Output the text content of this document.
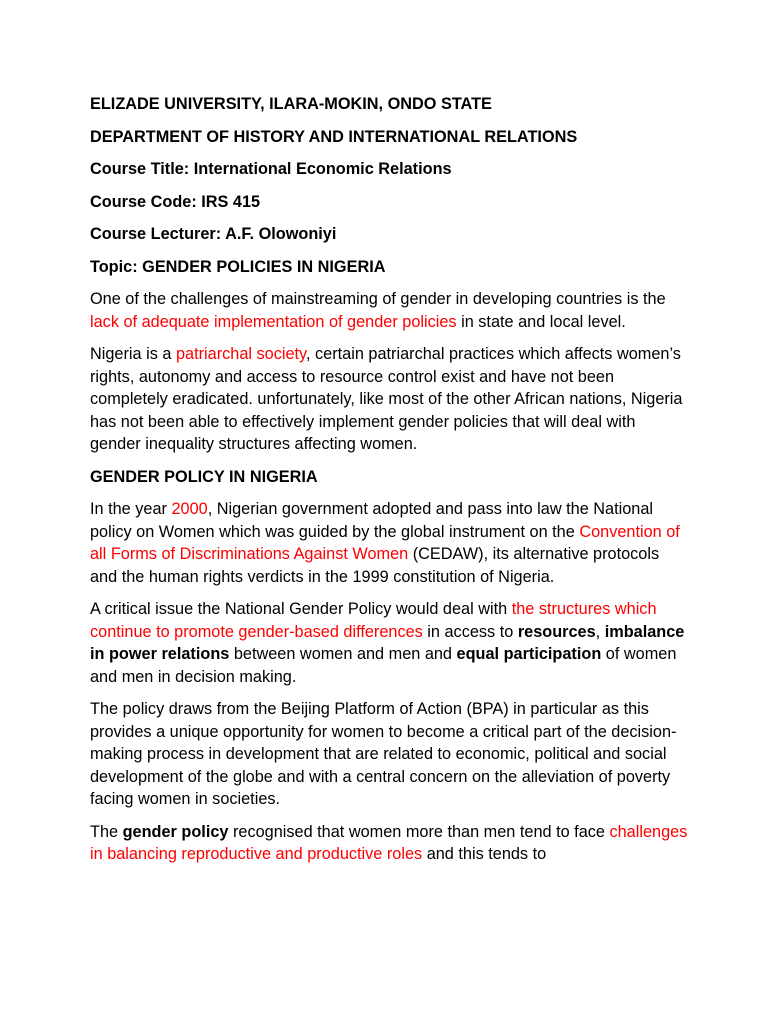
ELIZADE UNIVERSITY, ILARA-MOKIN, ONDO STATE
DEPARTMENT OF HISTORY AND INTERNATIONAL RELATIONS
Course Title: International Economic Relations
Course Code: IRS 415
Course Lecturer: A.F. Olowoniyi
Topic: GENDER POLICIES IN NIGERIA

One of the challenges of mainstreaming of gender in developing countries is the lack of adequate implementation of gender policies in state and local level.

Nigeria is a patriarchal society, certain patriarchal practices which affects women’s rights, autonomy and access to resource control exist and have not been completely eradicated. unfortunately, like most of the other African nations, Nigeria has not been able to effectively implement gender policies that will deal with gender inequality structures affecting women.

GENDER POLICY IN NIGERIA

In the year 2000, Nigerian government adopted and pass into law the National policy on Women which was guided by the global instrument on the Convention of all Forms of Discriminations Against Women (CEDAW), its alternative protocols and the human rights verdicts in the 1999 constitution of Nigeria.

A critical issue the National Gender Policy would deal with the structures which continue to promote gender-based differences in access to resources, imbalance in power relations between women and men and equal participation of women and men in decision making.

The policy draws from the Beijing Platform of Action (BPA) in particular as this provides a unique opportunity for women to become a critical part of the decision-making process in development that are related to economic, political and social development of the globe and with a central concern on the alleviation of poverty facing women in societies.

The gender policy recognised that women more than men tend to face challenges in balancing reproductive and productive roles and this tends to
